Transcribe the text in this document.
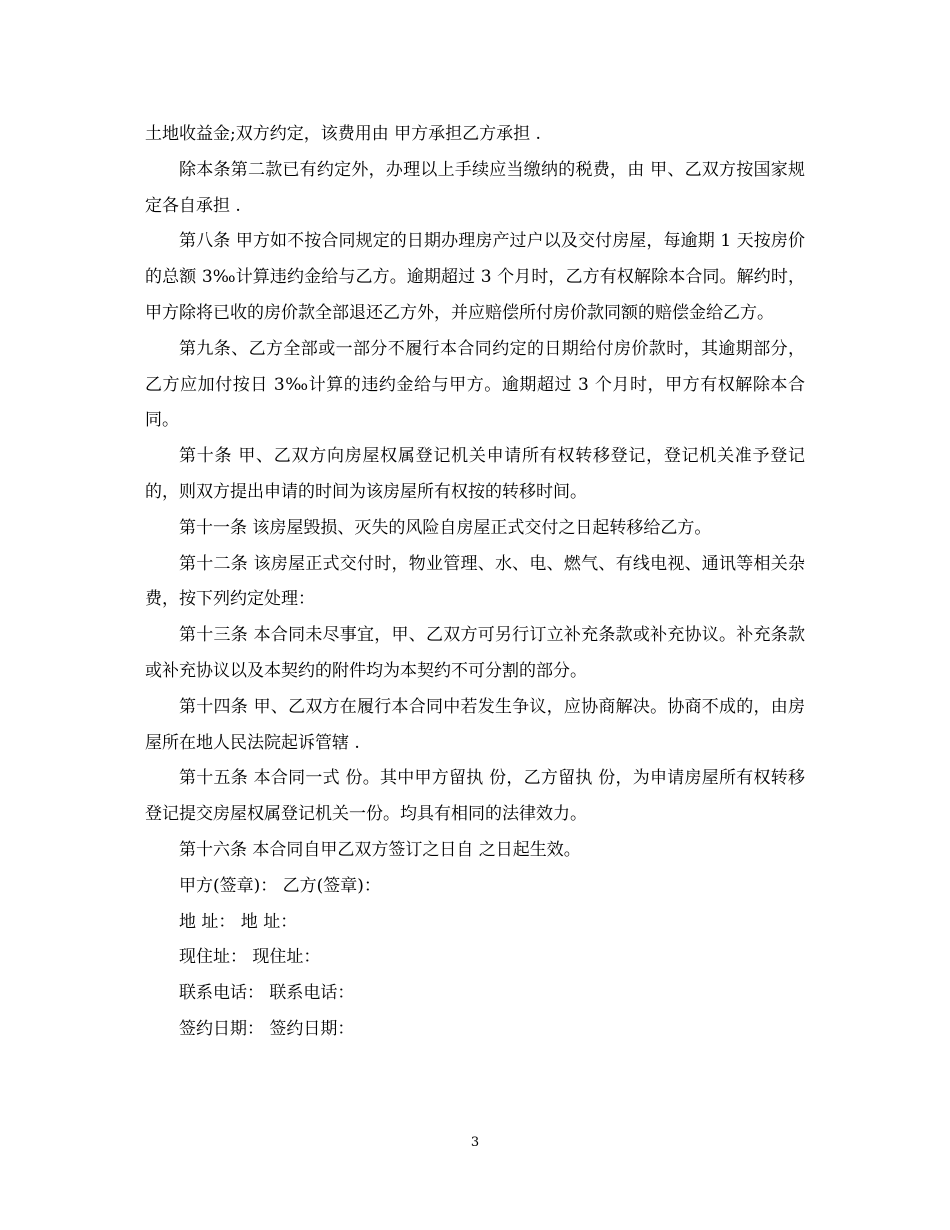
土地收益金;双方约定，该费用由 甲方承担乙方承担 .

除本条第二款已有约定外，办理以上手续应当缴纳的税费，由 甲、乙双方按国家规定各自承担 .

第八条 甲方如不按合同规定的日期办理房产过户以及交付房屋，每逾期 1 天按房价的总额 3‰计算违约金给与乙方。逾期超过 3 个月时，乙方有权解除本合同。解约时，甲方除将已收的房价款全部退还乙方外，并应赔偿所付房价款同额的赔偿金给乙方。

第九条、乙方全部或一部分不履行本合同约定的日期给付房价款时，其逾期部分，乙方应加付按日 3‰计算的违约金给与甲方。逾期超过 3 个月时，甲方有权解除本合同。

第十条 甲、乙双方向房屋权属登记机关申请所有权转移登记，登记机关准予登记的，则双方提出申请的时间为该房屋所有权按的转移时间。

第十一条 该房屋毁损、灭失的风险自房屋正式交付之日起转移给乙方。

第十二条 该房屋正式交付时，物业管理、水、电、燃气、有线电视、通讯等相关杂费，按下列约定处理：

第十三条 本合同未尽事宜，甲、乙双方可另行订立补充条款或补充协议。补充条款或补充协议以及本契约的附件均为本契约不可分割的部分。

第十四条 甲、乙双方在履行本合同中若发生争议，应协商解决。协商不成的，由房屋所在地人民法院起诉管辖 .

第十五条 本合同一式 份。其中甲方留执 份，乙方留执 份，为申请房屋所有权转移登记提交房屋权属登记机关一份。均具有相同的法律效力。

第十六条 本合同自甲乙双方签订之日自 之日起生效。

甲方(签章)： 乙方(签章)：

地 址： 地 址：

现住址： 现住址：

联系电话： 联系电话：

签约日期： 签约日期：

3
